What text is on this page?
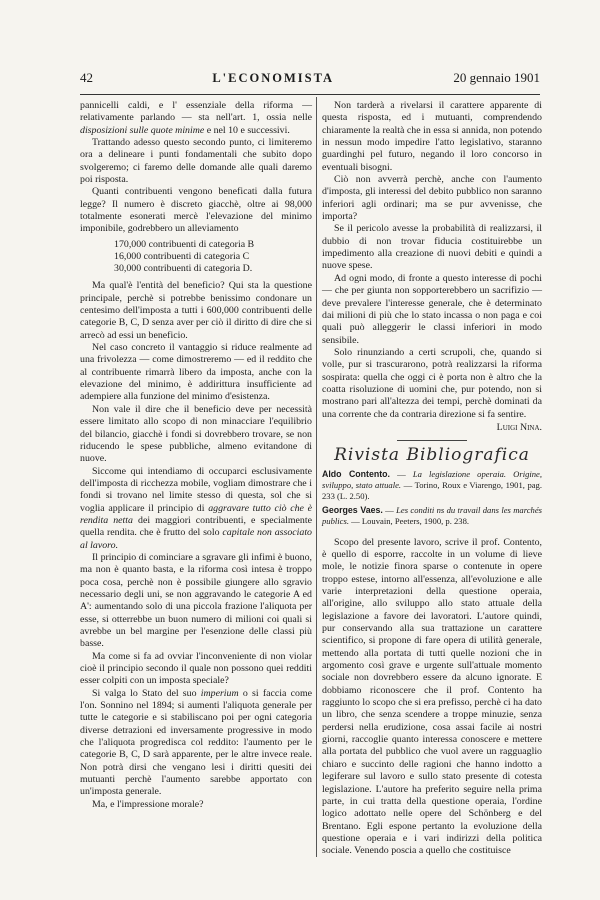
42	L'ECONOMISTA	20 gennaio 1901

pannicelli caldi, e l' essenziale della riforma — relativamente parlando — sta nell'art. 1, ossia nelle disposizioni sulle quote minime e nel 10 e successivi.

Trattando adesso questo secondo punto, ci limiteremo ora a delineare i punti fondamentali che subito dopo svolgeremo; ci faremo delle domande alle quali daremo poi risposta.

Quanti contribuenti vengono beneficati dalla futura legge? Il numero è discreto giacchè, oltre ai 98,000 totalmente esonerati mercè l'elevazione del minimo imponibile, godrebbero un alleviamento

170,000 contribuenti di categoria B
16,000 contribuenti di categoria C
30,000 contribuenti di categoria D.

Ma qual'è l'entità del beneficio? Qui sta la questione principale, perchè si potrebbe benissimo condonare un centesimo dell'imposta a tutti i 600,000 contribuenti delle categorie B, C, D senza aver per ciò il diritto di dire che si arrecò ad essi un beneficio.

Nel caso concreto il vantaggio si riduce realmente ad una frivolezza — come dimostreremo — ed il reddito che al contribuente rimarrà libero da imposta, anche con la elevazione del minimo, è addirittura insufficiente ad adempiere alla funzione del minimo d'esistenza.

Non vale il dire che il beneficio deve per necessità essere limitato allo scopo di non minacciare l'equilibrio del bilancio, giacchè i fondi si dovrebbero trovare, se non riducendo le spese pubbliche, almeno evitandone di nuove.

Siccome qui intendiamo di occuparci esclusivamente dell'imposta di ricchezza mobile, vogliam dimostrare che i fondi si trovano nel limite stesso di questa, sol che si voglia applicare il principio di aggravare tutto ciò che è rendita netta dei maggiori contribuenti, e specialmente quella rendita. che è frutto del solo capitale non associato al lavoro.

Il principio di cominciare a sgravare gli infimi è buono, ma non è quanto basta, e la riforma così intesa è troppo poca cosa, perchè non è possibile giungere allo sgravio necessario degli uni, se non aggravando le categorie A ed A': aumentando solo di una piccola frazione l'aliquota per esse, si otterrebbe un buon numero di milioni coi quali si avrebbe un bel margine per l'esenzione delle classi più basse.

Ma come si fa ad ovviar l'inconveniente di non violar cioè il principio secondo il quale non possono quei redditi esser colpiti con un imposta speciale?

Si valga lo Stato del suo imperium o si faccia come l'on. Sonnino nel 1894; si aumenti l'aliquota generale per tutte le categorie e si stabiliscano poi per ogni categoria diverse detrazioni ed inversamente progressive in modo che l'aliquota progredisca col reddito: l'aumento per le categorie B, C, D sarà apparente, per le altre invece reale. Non potrà dirsi che vengano lesi i diritti quesiti dei mutuanti perchè l'aumento sarebbe apportato con un'imposta generale.

Ma, e l'impressione morale?

Non tarderà a rivelarsi il carattere apparente di questa risposta, ed i mutuanti, comprendendo chiaramente la realtà che in essa si annida, non potendo in nessun modo impedire l'atto legislativo, staranno guardinghi pel futuro, negando il loro concorso in eventuali bisogni.

Ciò non avverrà perchè, anche con l'aumento d'imposta, gli interessi del debito pubblico non saranno inferiori agli ordinari; ma se pur avvenisse, che importa?

Se il pericolo avesse la probabilità di realizzarsi, il dubbio di non trovar fiducia costituirebbe un impedimento alla creazione di nuovi debiti e quindi a nuove spese.

Ad ogni modo, di fronte a questo interesse di pochi — che per giunta non sopporterebbero un sacrifizio — deve prevalere l'interesse generale, che è determinato dai milioni di più che lo stato incassa o non paga e coi quali può alleggerir le classi inferiori in modo sensibile.

Solo rinunziando a certi scrupoli, che, quando si volle, pur si trascurarono, potrà realizzarsi la riforma sospirata: quella che oggi ci è porta non è altro che la coatta risoluzione di uomini che, pur potendo, non si mostrano pari all'altezza dei tempi, perchè dominati da una corrente che da contraria direzione si fa sentire.

Luigi Nina.

Rivista Bibliografica

Aldo Contento. — La legislazione operaia. Origine, sviluppo, stato attuale. — Torino, Roux e Viarengo, 1901, pag. 233 (L. 2.50).

Georges Vaes. — Les conditi ns du travail dans les marchés publics. — Louvain, Peeters, 1900, p. 238.

Scopo del presente lavoro, scrive il prof. Contento, è quello di esporre, raccolte in un volume di lieve mole, le notizie finora sparse o contenute in opere troppo estese, intorno all'essenza, all'evoluzione e alle varie interpretazioni della questione operaia, all'origine, allo sviluppo allo stato attuale della legislazione a favore dei lavoratori. L'autore quindi, pur conservando alla sua trattazione un carattere scientifico, si propone di fare opera di utilità generale, mettendo alla portata di tutti quelle nozioni che in argomento così grave e urgente sull'attuale momento sociale non dovrebbero essere da alcuno ignorate. E dobbiamo riconoscere che il prof. Contento ha raggiunto lo scopo che si era prefisso, perchè ci ha dato un libro, che senza scendere a troppe minuzie, senza perdersi nella erudizione, cosa assai facile ai nostri giorni, raccoglie quanto interessa conoscere e mettere alla portata del pubblico che vuol avere un ragguaglio chiaro e succinto delle ragioni che hanno indotto a legiferare sul lavoro e sullo stato presente di cotesta legislazione. L'autore ha preferito seguire nella prima parte, in cui tratta della questione operaia, l'ordine logico adottato nelle opere del Schönberg e del Brentano. Egli espone pertanto la evoluzione della questione operaia e i vari indirizzi della politica sociale. Venendo poscia a quello che costituisce
